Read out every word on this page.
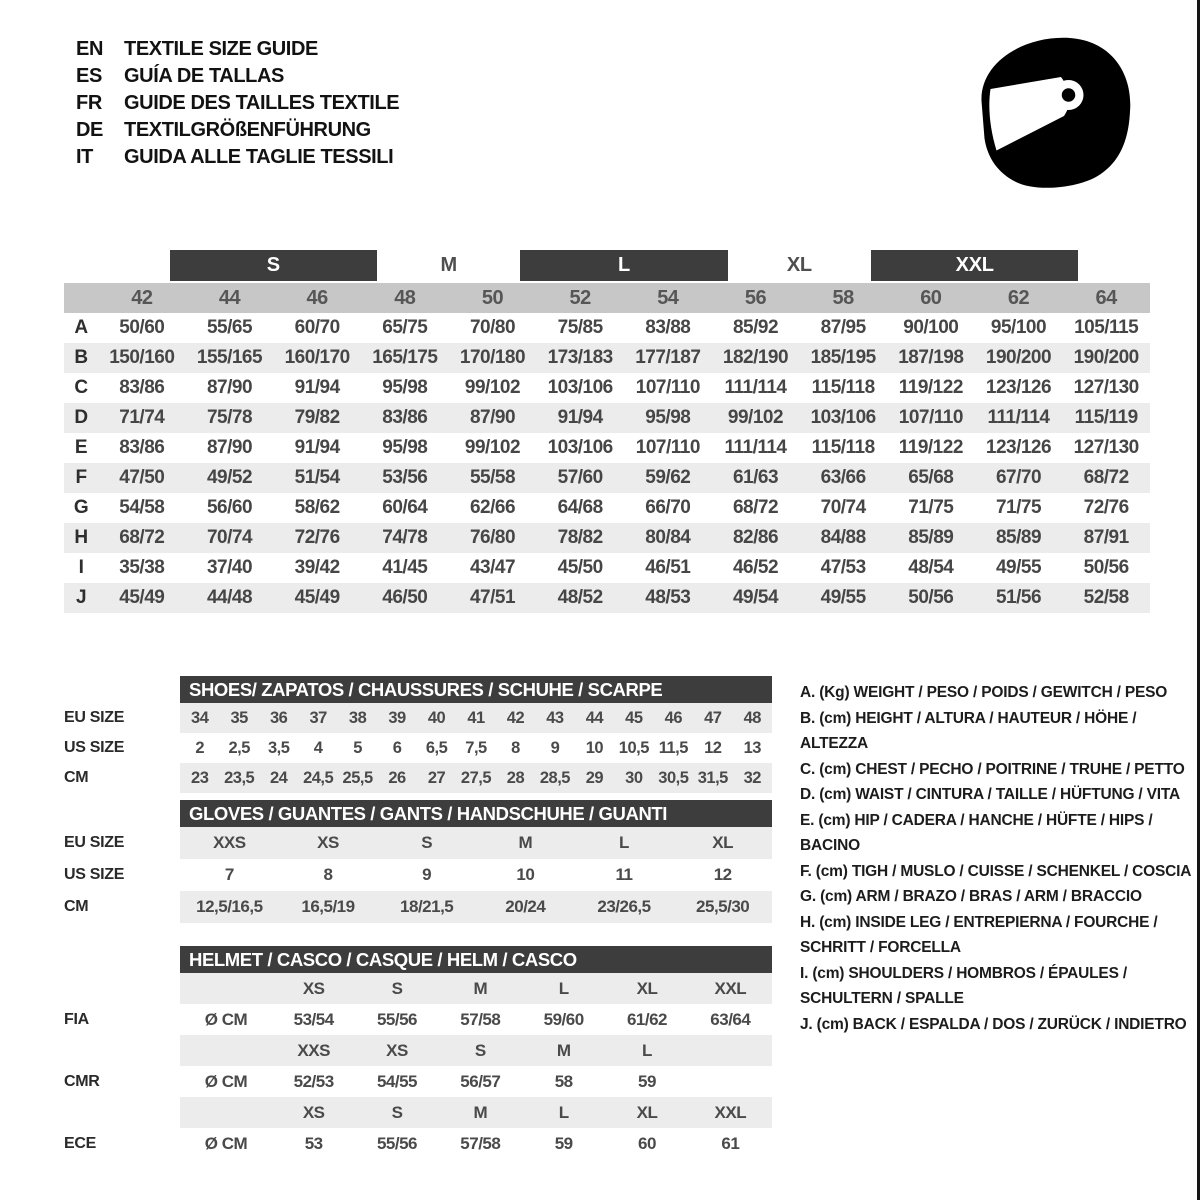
EN	TEXTILE SIZE GUIDE
ES	GUÍA DE TALLAS
FR	GUIDE DES TAILLES TEXTILE
DE	TEXTILGRÖßENFÜHRUNG
IT	GUIDA ALLE TAGLIE TESSILI
S	M	L	XL	XXL
42	44	46	48	50	52	54	56	58	60	62	64
A	50/60	55/65	60/70	65/75	70/80	75/85	83/88	85/92	87/95	90/100	95/100	105/115
B	150/160	155/165	160/170	165/175	170/180	173/183	177/187	182/190	185/195	187/198	190/200	190/200
C	83/86	87/90	91/94	95/98	99/102	103/106	107/110	111/114	115/118	119/122	123/126	127/130
D	71/74	75/78	79/82	83/86	87/90	91/94	95/98	99/102	103/106	107/110	111/114	115/119
E	83/86	87/90	91/94	95/98	99/102	103/106	107/110	111/114	115/118	119/122	123/126	127/130
F	47/50	49/52	51/54	53/56	55/58	57/60	59/62	61/63	63/66	65/68	67/70	68/72
G	54/58	56/60	58/62	60/64	62/66	64/68	66/70	68/72	70/74	71/75	71/75	72/76
H	68/72	70/74	72/76	74/78	76/80	78/82	80/84	82/86	84/88	85/89	85/89	87/91
I	35/38	37/40	39/42	41/45	43/47	45/50	46/51	46/52	47/53	48/54	49/55	50/56
J	45/49	44/48	45/49	46/50	47/51	48/52	48/53	49/54	49/55	50/56	51/56	52/58
SHOES/ ZAPATOS / CHAUSSURES / SCHUHE / SCARPE
EU SIZE	34	35	36	37	38	39	40	41	42	43	44	45	46	47	48
US SIZE	2	2,5	3,5	4	5	6	6,5	7,5	8	9	10 10,5 11,5 12	13
CM	23 23,5 24 24,5 25,5 26	27 27,5 28 28,5 29	30 30,5 31,5 32
GLOVES / GUANTES / GANTS / HANDSCHUHE / GUANTI
EU SIZE	XXS	XS	S	M	L	XL
US SIZE	7	8	9	10	11	12
CM	12,5/16,5	16,5/19	18/21,5	20/24	23/26,5	25,5/30
HELMET / CASCO / CASQUE / HELM / CASCO
XS	S	M	L	XL	XXL
FIA	Ø CM	53/54	55/56	57/58	59/60	61/62	63/64
XXS	XS	S	M	L
CMR	Ø CM	52/53	54/55	56/57	58	59
XS	S	M	L	XL	XXL
ECE	Ø CM	53	55/56	57/58	59	60	61
A. (Kg) WEIGHT / PESO / POIDS / GEWITCH / PESO
B. (cm) HEIGHT / ALTURA / HAUTEUR / HÖHE / ALTEZZA
C. (cm) CHEST / PECHO / POITRINE / TRUHE / PETTO
D. (cm) WAIST / CINTURA / TAILLE / HÜFTUNG / VITA
E. (cm) HIP / CADERA / HANCHE / HÜFTE / HIPS / BACINO
F. (cm) TIGH / MUSLO / CUISSE / SCHENKEL / COSCIA
G. (cm) ARM / BRAZO / BRAS / ARM / BRACCIO
H. (cm) INSIDE LEG / ENTREPIERNA / FOURCHE / SCHRITT / FORCELLA
I. (cm) SHOULDERS / HOMBROS / ÉPAULES / SCHULTERN / SPALLE
J. (cm) BACK / ESPALDA / DOS / ZURÜCK / INDIETRO
